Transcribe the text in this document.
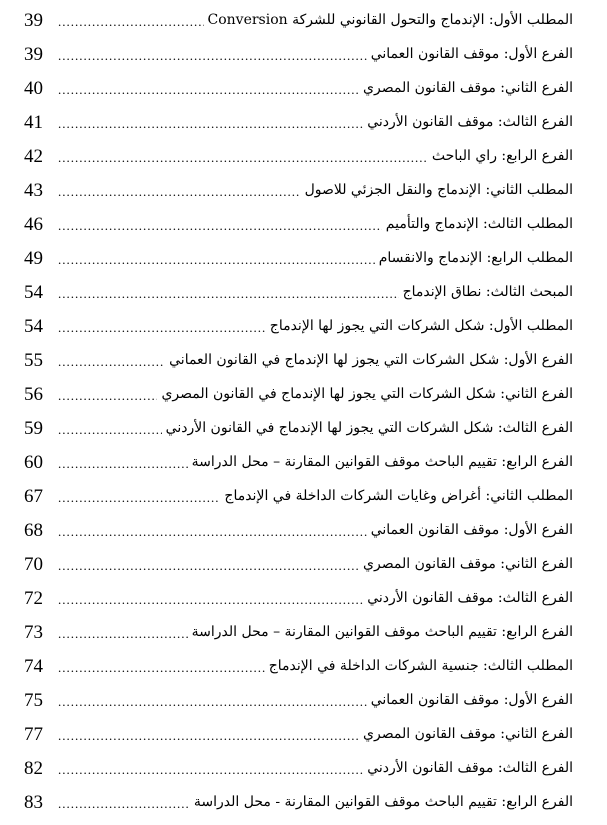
39 .....	المطلب الأول: الإندماج والتحول القانوني للشركة Conversion
39 .....	الفرع الأول: موقف القانون العماني
40 .....	الفرع الثاني: موقف القانون المصري
41 .....	الفرع الثالث: موقف القانون الأردني
42 .....	الفرع الرابع: راي الباحث
43 .....	المطلب الثاني: الإندماج والنقل الجزئي للاصول
46 .....	المطلب الثالث: الإندماج والتأميم
49 .....	المطلب الرابع: الإندماج والانقسام
54 .....	المبحث الثالث: نطاق الإندماج
54 .....	المطلب الأول: شكل الشركات التي يجوز لها الإندماج
55 .....	الفرع الأول: شكل الشركات التي يجوز لها الإندماج في القانون العماني
56 .....	الفرع الثاني: شكل الشركات التي يجوز لها الإندماج في القانون المصري
59 .....	الفرع الثالث: شكل الشركات التي يجوز لها الإندماج في القانون الأردني
60 .....	الفرع الرابع: تقييم الباحث موقف القوانين المقارنة – محل الدراسة
67 .....	المطلب الثاني: أغراض وغايات الشركات الداخلة في الإندماج
68 .....	الفرع الأول: موقف القانون العماني
70 .....	الفرع الثاني: موقف القانون المصري
72 .....	الفرع الثالث: موقف القانون الأردني
73 .....	الفرع الرابع: تقييم الباحث موقف القوانين المقارنة – محل الدراسة
74 .....	المطلب الثالث: جنسية الشركات الداخلة في الإندماج
75 .....	الفرع الأول: موقف القانون العماني
77 .....	الفرع الثاني: موقف القانون المصري
82 .....	الفرع الثالث: موقف القانون الأردني
83 .....	الفرع الرابع: تقييم الباحث موقف القوانين المقارنة - محل الدراسة
